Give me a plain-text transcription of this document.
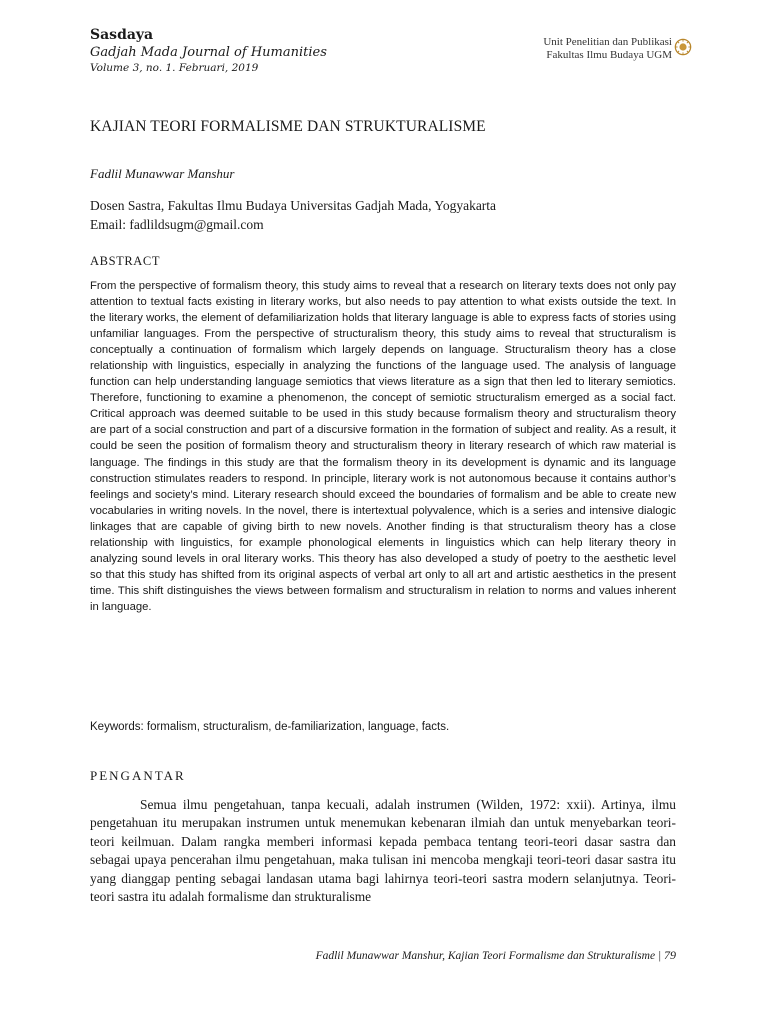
Sasdaya
Gadjah Mada Journal of Humanities
Volume 3, no. 1. Februari, 2019
Unit Penelitian dan Publikasi
Fakultas Ilmu Budaya UGM
KAJIAN TEORI FORMALISME DAN STRUKTURALISME
Fadlil Munawwar Manshur
Dosen Sastra, Fakultas Ilmu Budaya Universitas Gadjah Mada, Yogyakarta
Email: fadlildsugm@gmail.com
ABSTRACT
From the perspective of formalism theory, this study aims to reveal that a research on literary texts does not only pay attention to textual facts existing in literary works, but also needs to pay attention to what exists outside the text. In the literary works, the element of defamiliarization holds that literary language is able to express facts of stories using unfamiliar languages. From the perspective of structuralism theory, this study aims to reveal that structuralism is conceptually a continuation of formalism which largely depends on language. Structuralism theory has a close relationship with linguistics, especially in analyzing the functions of the language used. The analysis of language function can help understanding language semiotics that views literature as a sign that then led to literary semiotics. Therefore, functioning to examine a phenomenon, the concept of semiotic structuralism emerged as a social fact. Critical approach was deemed suitable to be used in this study because formalism theory and structuralism theory are part of a social construction and part of a discursive formation in the formation of subject and reality. As a result, it could be seen the position of formalism theory and structuralism theory in literary research of which raw material is language. The findings in this study are that the formalism theory in its development is dynamic and its language construction stimulates readers to respond. In principle, literary work is not autonomous because it contains author’s feelings and society’s mind. Literary research should exceed the boundaries of formalism and be able to create new vocabularies in writing novels. In the novel, there is intertextual polyvalence, which is a series and intensive dialogic linkages that are capable of giving birth to new novels. Another finding is that structuralism theory has a close relationship with linguistics, for example phonological elements in linguistics which can help literary theory in analyzing sound levels in oral literary works. This theory has also developed a study of poetry to the aesthetic level so that this study has shifted from its original aspects of verbal art only to all art and artistic aesthetics in the present time. This shift distinguishes the views between formalism and structuralism in relation to norms and values inherent in language.
Keywords: formalism, structuralism, de-familiarization, language, facts.
PENGANTAR
Semua ilmu pengetahuan, tanpa kecuali, adalah instrumen (Wilden, 1972: xxii). Artinya, ilmu pengetahuan itu merupakan instrumen untuk menemukan kebenaran ilmiah dan untuk menyebarkan teori-teori keilmuan. Dalam rangka memberi informasi kepada pembaca tentang teori-teori dasar sastra dan sebagai upaya pencerahan ilmu pengetahuan, maka tulisan ini mencoba mengkaji teori-teori dasar sastra itu yang dianggap penting sebagai landasan utama bagi lahirnya teori-teori sastra modern selanjutnya. Teori-teori sastra itu adalah formalisme dan strukturalisme
Fadlil Munawwar Manshur, Kajian Teori Formalisme dan Strukturalisme | 79
